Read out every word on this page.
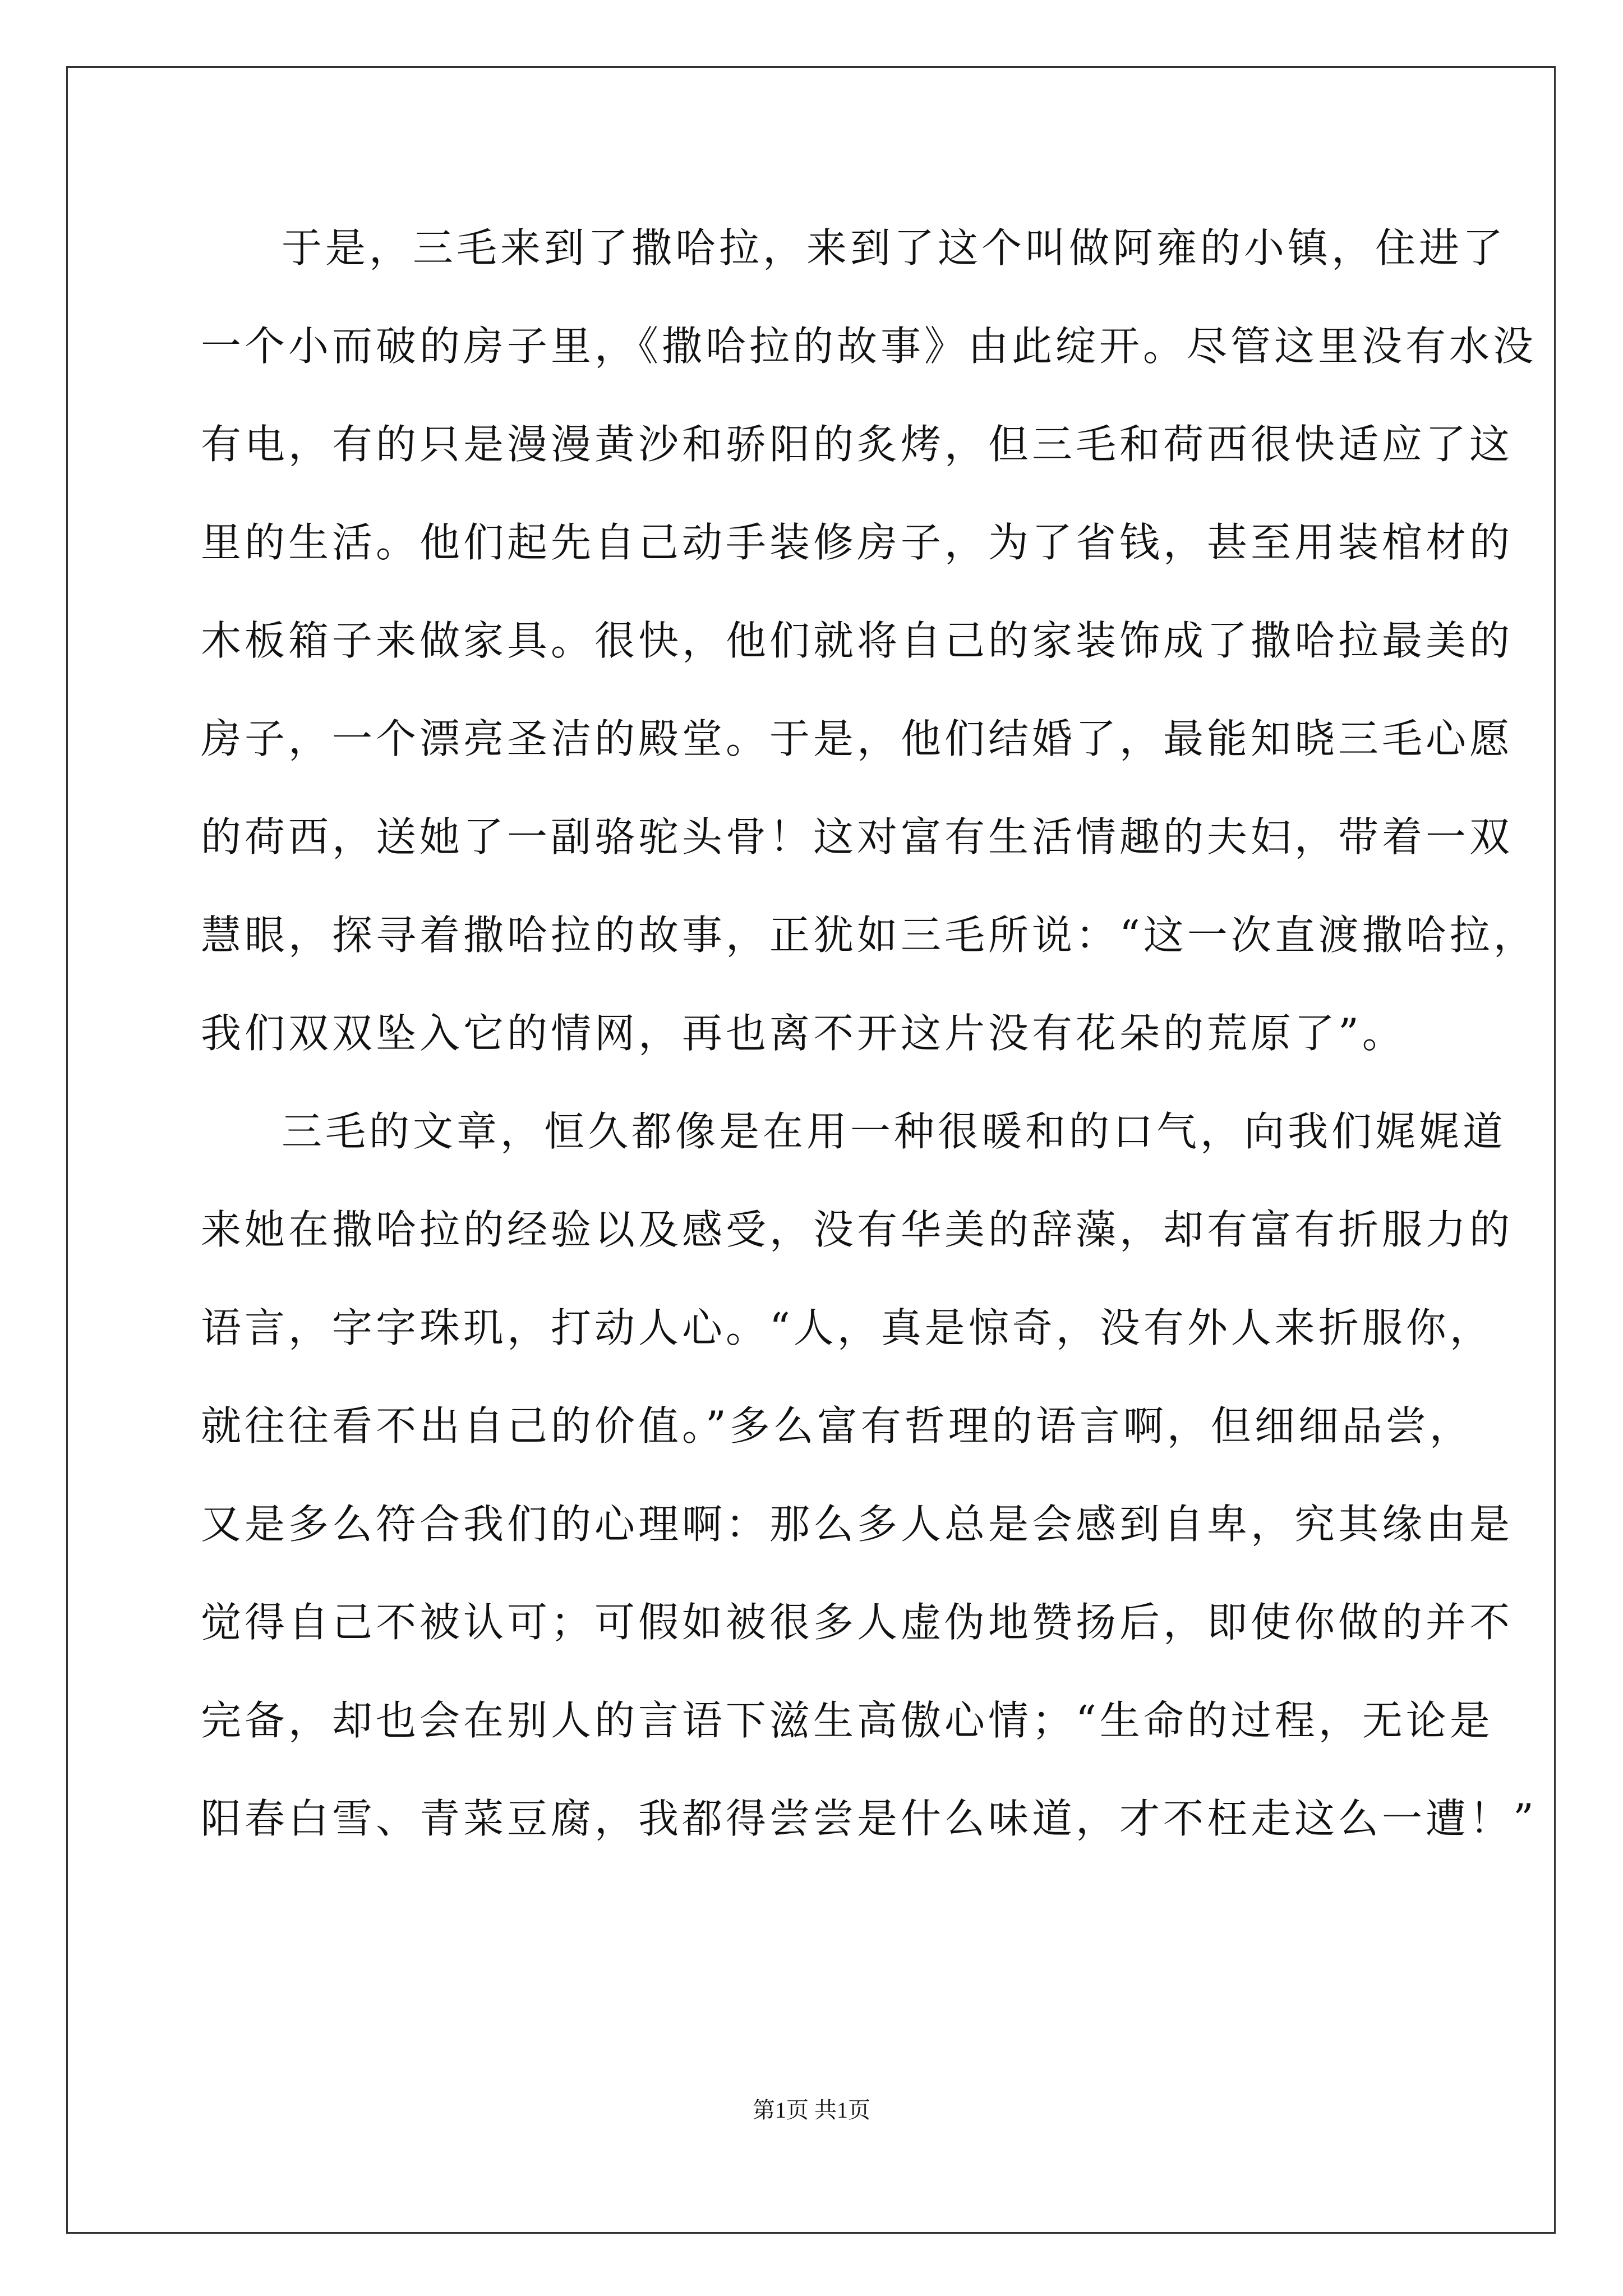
于是，三毛来到了撒哈拉，来到了这个叫做阿雍的小镇，住进了
一个小而破的房子里，《撒哈拉的故事》由此绽开。尽管这里没有水没
有电，有的只是漫漫黄沙和骄阳的炙烤，但三毛和荷西很快适应了这
里的生活。他们起先自己动手装修房子，为了省钱，甚至用装棺材的
木板箱子来做家具。很快，他们就将自己的家装饰成了撒哈拉最美的
房子，一个漂亮圣洁的殿堂。于是，他们结婚了，最能知晓三毛心愿
的荷西，送她了一副骆驼头骨！这对富有生活情趣的夫妇，带着一双
慧眼，探寻着撒哈拉的故事，正犹如三毛所说：“这一次直渡撒哈拉，
我们双双坠入它的情网，再也离不开这片没有花朵的荒原了”。
三毛的文章，恒久都像是在用一种很暖和的口气，向我们娓娓道
来她在撒哈拉的经验以及感受，没有华美的辞藻，却有富有折服力的
语言，字字珠玑，打动人心。“人，真是惊奇，没有外人来折服你，
就往往看不出自己的价值。”多么富有哲理的语言啊，但细细品尝，
又是多么符合我们的心理啊：那么多人总是会感到自卑，究其缘由是
觉得自己不被认可；可假如被很多人虚伪地赞扬后，即使你做的并不
完备，却也会在别人的言语下滋生高傲心情；“生命的过程，无论是
阳春白雪、青菜豆腐，我都得尝尝是什么味道，才不枉走这么一遭！”
第1页 共1页
